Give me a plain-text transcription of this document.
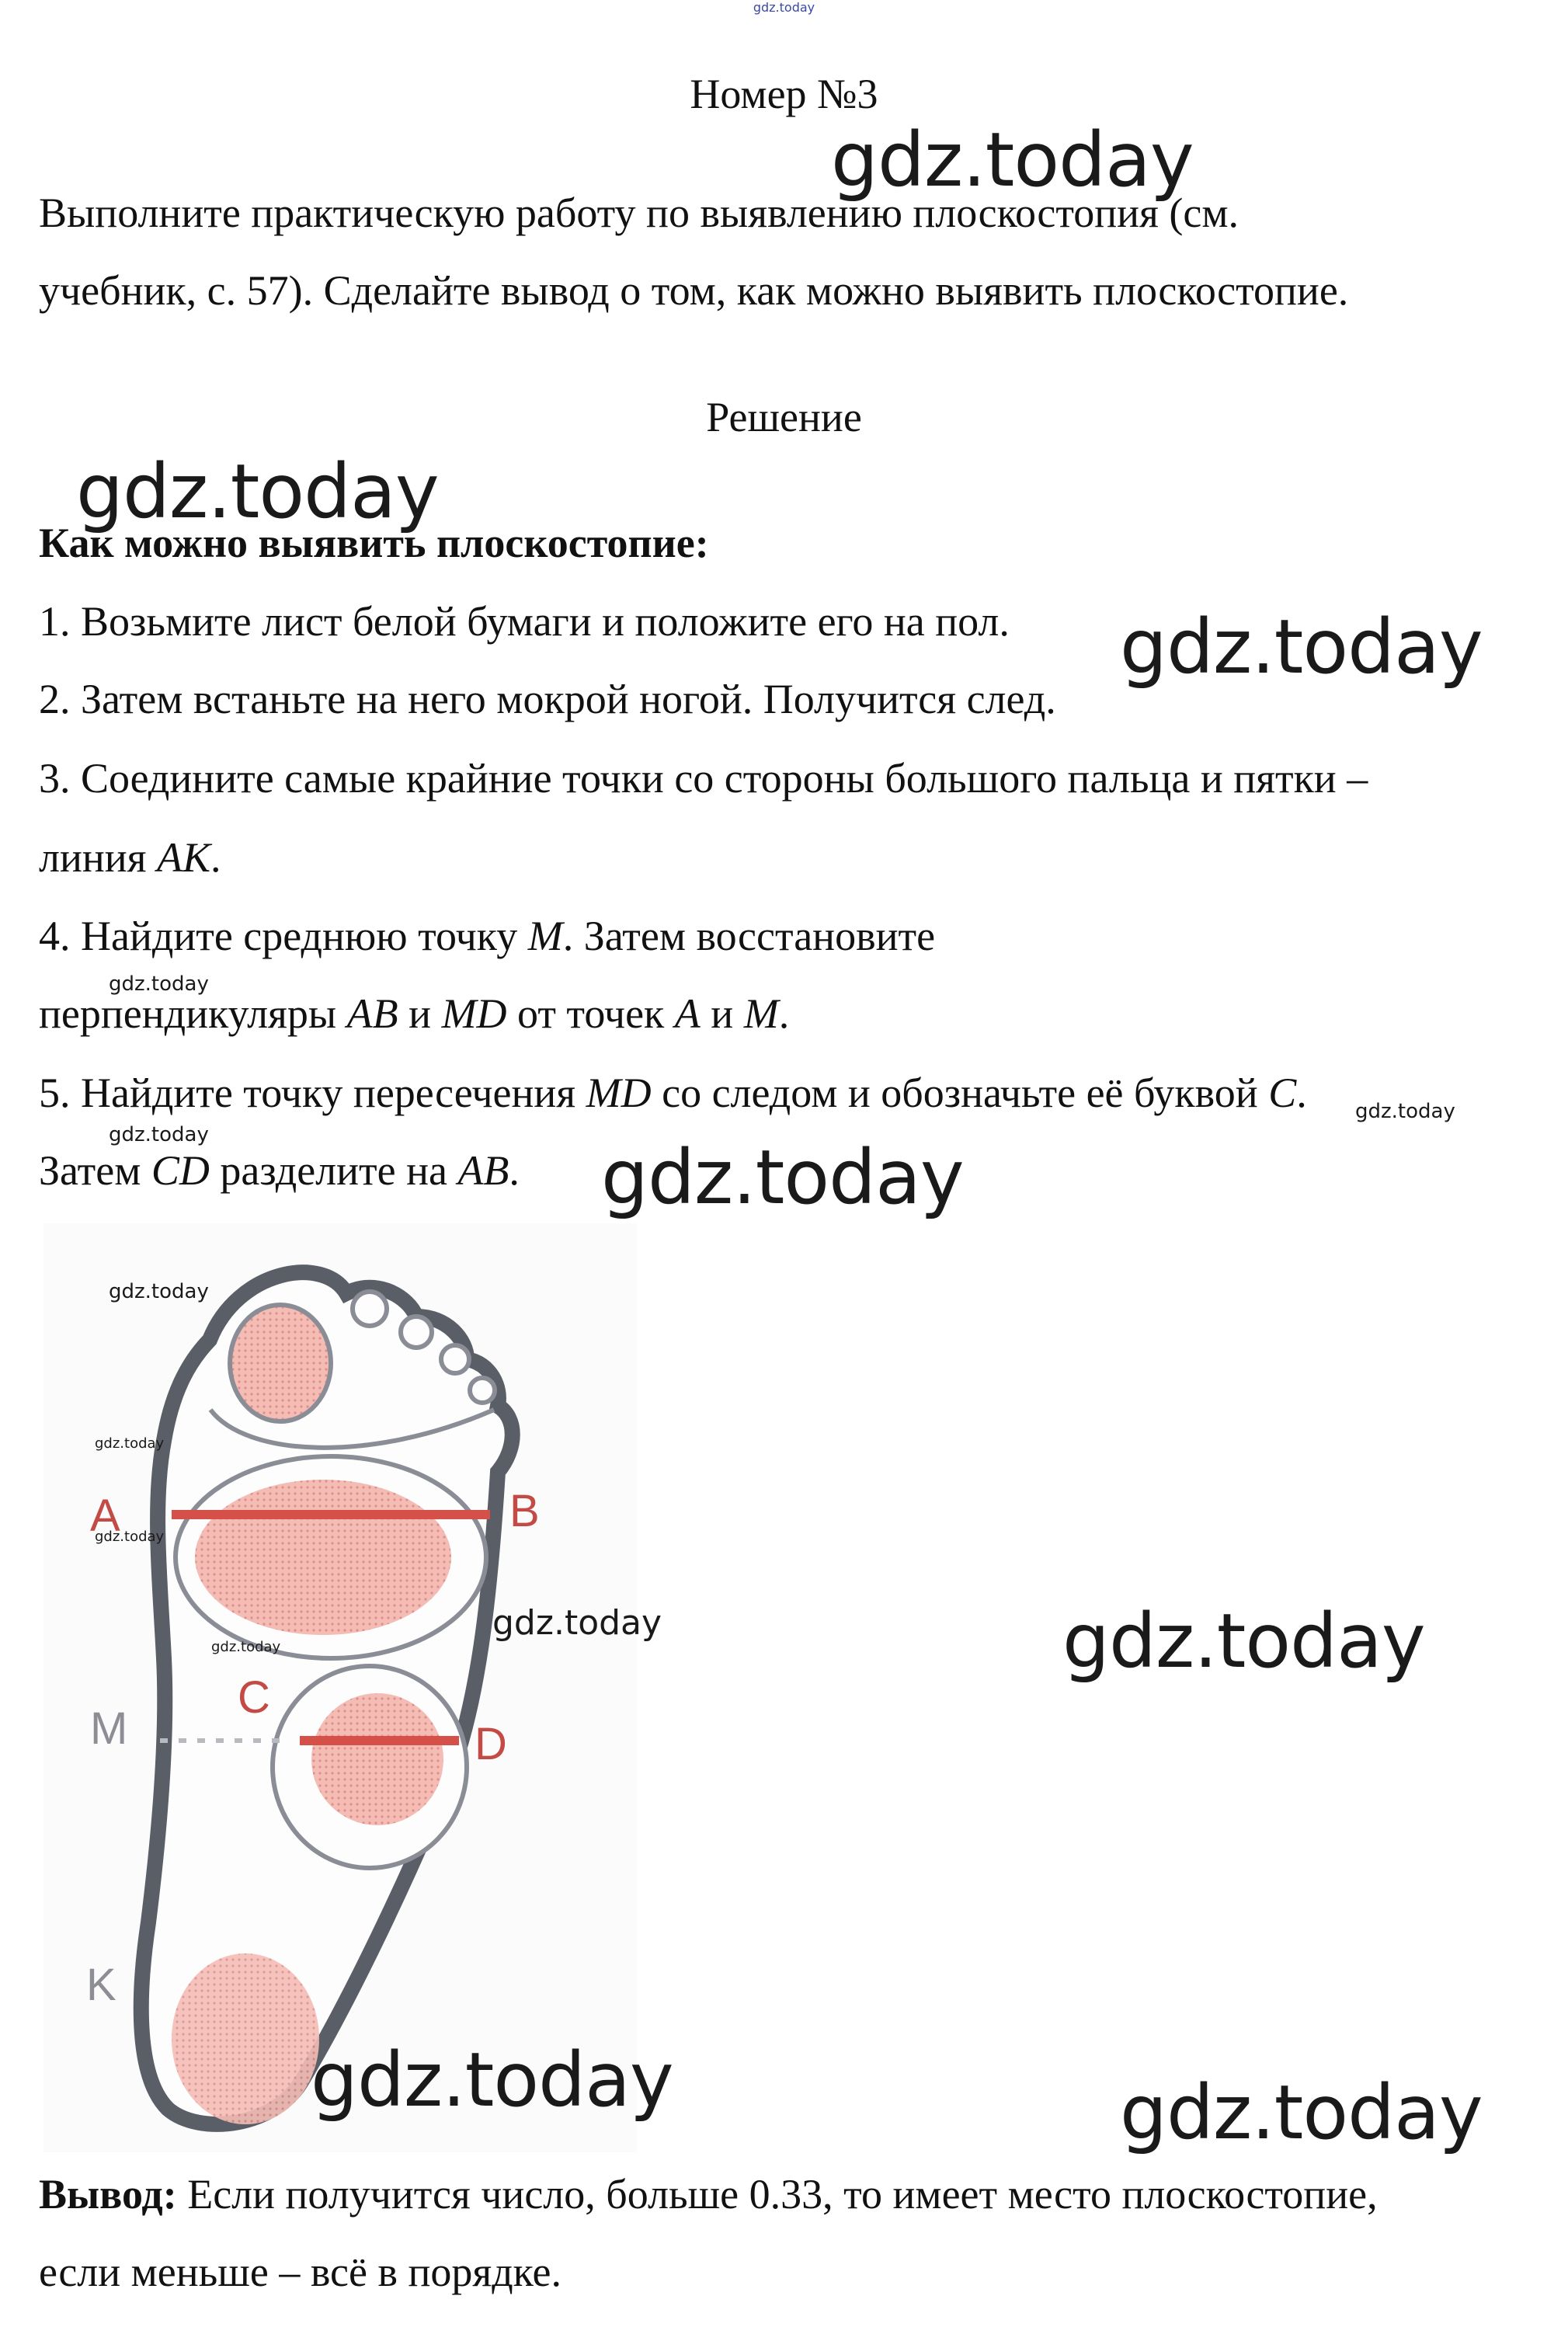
gdz.today
Номер №3
Выполните практическую работу по выявлению плоскостопия (см.
учебник, с. 57). Сделайте вывод о том, как можно выявить плоскостопие.
Решение
Как можно выявить плоскостопие:
1. Возьмите лист белой бумаги и положите его на пол.
2. Затем встаньте на него мокрой ногой. Получится след.
3. Соедините самые крайние точки со стороны большого пальца и пятки –
линия AK.
4. Найдите среднюю точку M. Затем восстановите
перпендикуляры AB и MD от точек A и M.
5. Найдите точку пересечения MD со следом и обозначьте её буквой C.
Затем CD разделите на AB.
A	B
C
D
M
K
Вывод: Если получится число, больше 0.33, то имеет место плоскостопие,
если меньше – всё в порядке.
gdz.today
gdz.today
gdz.today
gdz.today
gdz.today
gdz.today
gdz.today
gdz.today
gdz.today
gdz.today
gdz.today
gdz.today	gdz.today
gdz.today	gdz.today
